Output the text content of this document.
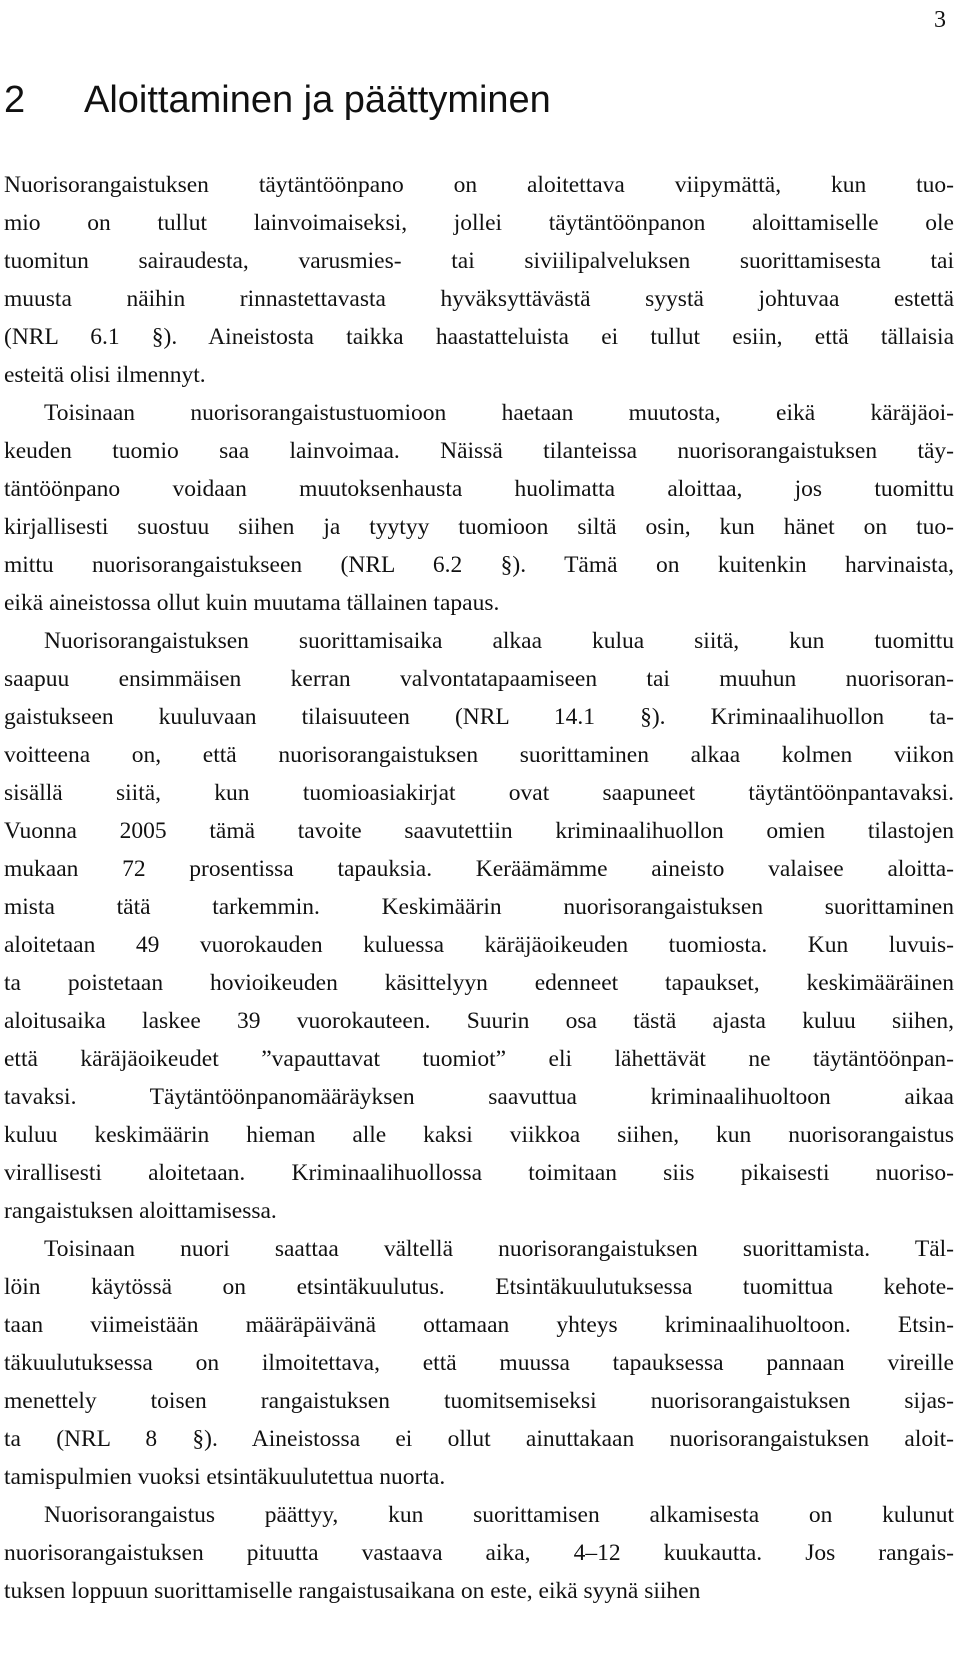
3
2 Aloittaminen ja päättyminen
Nuorisorangaistuksen täytäntöönpano on aloitettava viipymättä, kun tuo-
mio on tullut lainvoimaiseksi, jollei täytäntöönpanon aloittamiselle ole
tuomitun sairaudesta, varusmies- tai siviilipalveluksen suorittamisesta tai
muusta näihin rinnastettavasta hyväksyttävästä syystä johtuvaa estettä
(NRL 6.1 §). Aineistosta taikka haastatteluista ei tullut esiin, että tällaisia
esteitä olisi ilmennyt.
Toisinaan nuorisorangaistustuomioon haetaan muutosta, eikä käräjäoi-
keuden tuomio saa lainvoimaa. Näissä tilanteissa nuorisorangaistuksen täy-
täntöönpano voidaan muutoksenhausta huolimatta aloittaa, jos tuomittu
kirjallisesti suostuu siihen ja tyytyy tuomioon siltä osin, kun hänet on tuo-
mittu nuorisorangaistukseen (NRL 6.2 §). Tämä on kuitenkin harvinaista,
eikä aineistossa ollut kuin muutama tällainen tapaus.
Nuorisorangaistuksen suorittamisaika alkaa kulua siitä, kun tuomittu
saapuu ensimmäisen kerran valvontatapaamiseen tai muuhun nuorisoran-
gaistukseen kuuluvaan tilaisuuteen (NRL 14.1 §). Kriminaalihuollon ta-
voitteena on, että nuorisorangaistuksen suorittaminen alkaa kolmen viikon
sisällä siitä, kun tuomioasiakirjat ovat saapuneet täytäntöönpantavaksi.
Vuonna 2005 tämä tavoite saavutettiin kriminaalihuollon omien tilastojen
mukaan 72 prosentissa tapauksia. Keräämämme aineisto valaisee aloitta-
mista tätä tarkemmin. Keskimäärin nuorisorangaistuksen suorittaminen
aloitetaan 49 vuorokauden kuluessa käräjäoikeuden tuomiosta. Kun luvuis-
ta poistetaan hovioikeuden käsittelyyn edenneet tapaukset, keskimääräinen
aloitusaika laskee 39 vuorokauteen. Suurin osa tästä ajasta kuluu siihen,
että käräjäoikeudet ”vapauttavat tuomiot” eli lähettävät ne täytäntöönpan-
tavaksi. Täytäntöönpanomääräyksen saavuttua kriminaalihuoltoon aikaa
kuluu keskimäärin hieman alle kaksi viikkoa siihen, kun nuorisorangaistus
virallisesti aloitetaan. Kriminaalihuollossa toimitaan siis pikaisesti nuoriso-
rangaistuksen aloittamisessa.
Toisinaan nuori saattaa vältellä nuorisorangaistuksen suorittamista. Täl-
löin käytössä on etsintäkuulutus. Etsintäkuulutuksessa tuomittua kehote-
taan viimeistään määräpäivänä ottamaan yhteys kriminaalihuoltoon. Etsin-
täkuulutuksessa on ilmoitettava, että muussa tapauksessa pannaan vireille
menettely toisen rangaistuksen tuomitsemiseksi nuorisorangaistuksen sijas-
ta (NRL 8 §). Aineistossa ei ollut ainuttakaan nuorisorangaistuksen aloit-
tamispulmien vuoksi etsintäkuulutettua nuorta.
Nuorisorangaistus päättyy, kun suorittamisen alkamisesta on kulunut
nuorisorangaistuksen pituutta vastaava aika, 4–12 kuukautta. Jos rangais-
tuksen loppuun suorittamiselle rangaistusaikana on este, eikä syynä siihen
